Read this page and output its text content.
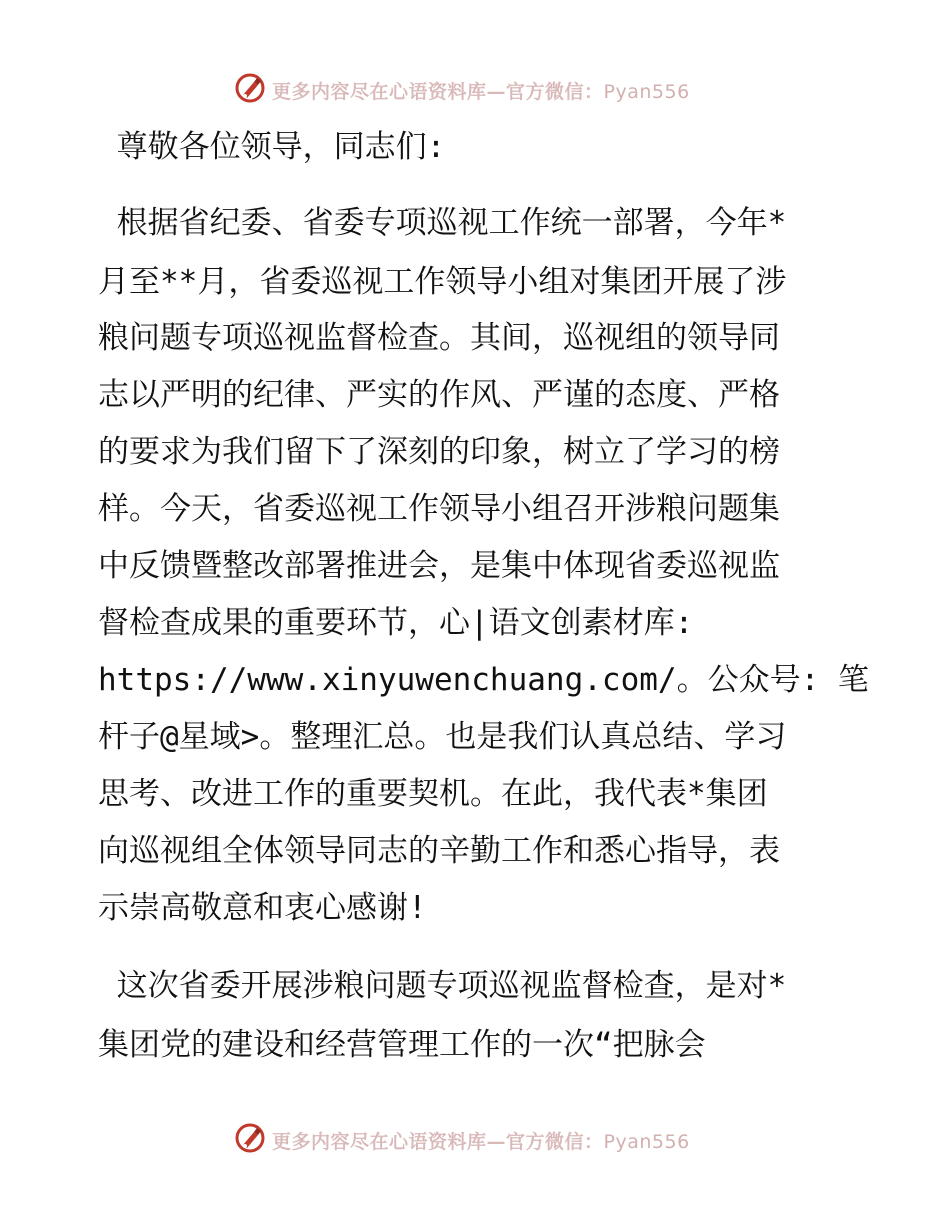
更多内容尽在心语资料库—官方微信：Pyan556
尊敬各位领导，同志们:
根据省纪委、省委专项巡视工作统一部署，今年*
月至**月，省委巡视工作领导小组对集团开展了涉
粮问题专项巡视监督检查。其间，巡视组的领导同
志以严明的纪律、严实的作风、严谨的态度、严格
的要求为我们留下了深刻的印象，树立了学习的榜
样。今天，省委巡视工作领导小组召开涉粮问题集
中反馈暨整改部署推进会，是集中体现省委巡视监
督检查成果的重要环节，心|语文创素材库:
https://www.xinyuwenchuang.com/。公众号: 笔
杆子@星域>。整理汇总。也是我们认真总结、学习
思考、改进工作的重要契机。在此，我代表*集团
向巡视组全体领导同志的辛勤工作和悉心指导，表
示崇高敬意和衷心感谢!
这次省委开展涉粮问题专项巡视监督检查，是对*
集团党的建设和经营管理工作的一次“把脉会
更多内容尽在心语资料库—官方微信：Pyan556
